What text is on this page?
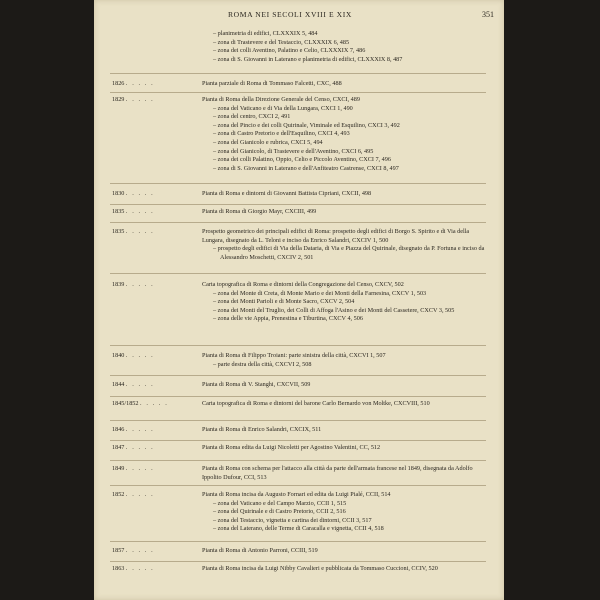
ROMA NEI SECOLI XVIII E XIX	351

– planimetria di edifici, CLXXXIX 5, 484

– zona di Trastevere e del Testaccio, CLXXXIX 6, 485

– zona dei colli Aventino, Palatino e Celio, CLXXXIX 7, 486

– zona di S. Giovanni in Laterano e planimetria di edifici, CLXXXIX 8, 487

1826 . . . . .	Pianta parziale di Roma di Tommaso Falcetti, CXC, 488

1829 . . . . .	Pianta di Roma della Direzione Generale del Censo, CXCI, 489

– zona del Vaticano e di Via della Lungara, CXCI 1, 490

– zona del centro, CXCI 2, 491

– zona del Pincio e dei colli Quirinale, Viminale ed Esquilino, CXCI 3, 492

– zona di Castro Pretorio e dell'Esquilino, CXCI 4, 493

– zona del Gianicolo e rubrica, CXCI 5, 494

– zona del Gianicolo, di Trastevere e dell'Aventino, CXCI 6, 495

– zona dei colli Palatino, Oppio, Celio e Piccolo Aventino, CXCI 7, 496

– zona di S. Giovanni in Laterano e dell'Anfiteatro Castrense, CXCI 8, 497

1830 . . . . .	Pianta di Roma e dintorni di Giovanni Battista Cipriani, CXCII, 498

1835 . . . . .	Pianta di Roma di Giorgio Mayr, CXCIII, 499

1835 . . . . .	Prospetto geometrico dei principali edifici di Roma: prospetto degli edifici di Borgo S. Spirito e di Via della Lungara, disegnato da L. Teloni e inciso da Enrico Salandri, CXCIV 1, 500

– prospetto degli edifici di Via della Dataria, di Via e Piazza del Quirinale, disegnato da P. Fortuna e inciso da Alessandro Moschetti, CXCIV 2, 501

1839 . . . . .	Carta topografica di Roma e dintorni della Congregazione del Censo, CXCV, 502

– zona del Monte di Creta, di Monte Mario e dei Monti della Farnesina, CXCV 1, 503

– zona dei Monti Parioli e di Monte Sacro, CXCV 2, 504

– zona dei Monti del Truglio, dei Colli di Affoga l'Asino e dei Monti del Cassetere, CXCV 3, 505

– zona delle vie Appia, Prenestina e Tiburtina, CXCV 4, 506

1840 . . . . .	Pianta di Roma di Filippo Troiani: parte sinistra della città, CXCVI 1, 507

– parte destra della città, CXCVI 2, 508

1844 . . . . .	Pianta di Roma di V. Stanghi, CXCVII, 509

1845/1852 . . . . .	Carta topografica di Roma e dintorni del barone Carlo Bernardo von Moltke, CXCVIII, 510

1846 . . . . .	Pianta di Roma di Enrico Salandri, CXCIX, 511

1847 . . . . .	Pianta di Roma edita da Luigi Nicoletti per Agostino Valentini, CC, 512

1849 . . . . .	Pianta di Roma con schema per l'attacco alla città da parte dell'armata francese nel 1849, disegnata da Adolfo Ippolito Dufour, CCI, 513

1852 . . . . .	Pianta di Roma incisa da Augusto Fornari ed edita da Luigi Pialé, CCII, 514

– zona del Vaticano e del Campo Marzio, CCII 1, 515

– zona del Quirinale e di Castro Pretorio, CCII 2, 516

– zona del Testaccio, vignetta e cartina dei dintorni, CCII 3, 517

– zona del Laterano, delle Terme di Caracalla e vignetta, CCII 4, 518

1857 . . . . .	Pianta di Roma di Antonio Parroni, CCIII, 519

1863 . . . . .	Pianta di Roma incisa da Luigi Nibby Cavalieri e pubblicata da Tommaso Cuccioni, CCIV, 520
